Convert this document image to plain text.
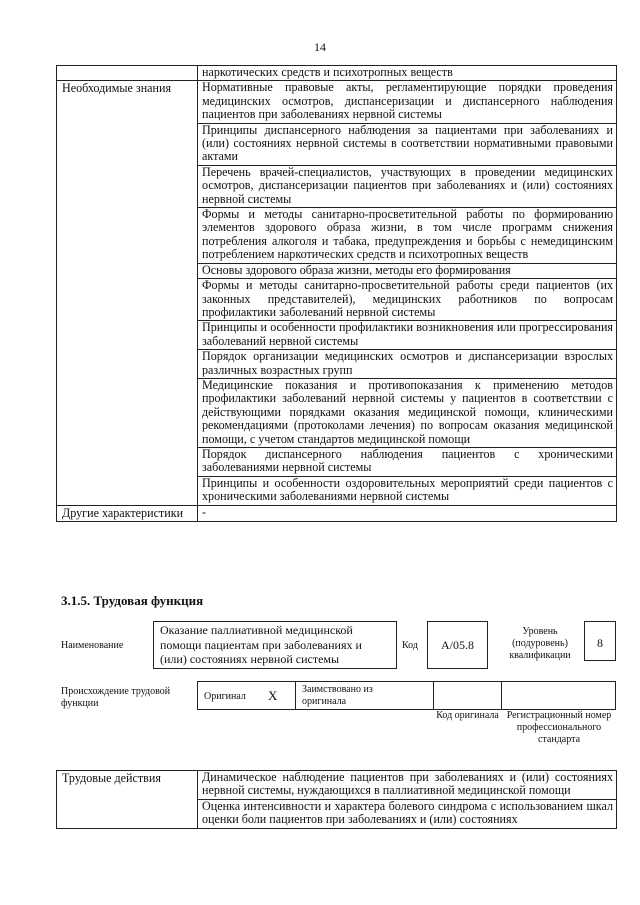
14
	наркотических средств и психотропных веществ
Необходимые знания	Нормативные правовые акты, регламентирующие порядки проведения медицинских осмотров, диспансеризации и диспансерного наблюдения пациентов при заболеваниях нервной системы
	Принципы диспансерного наблюдения за пациентами при заболеваниях и (или) состояниях нервной системы в соответствии нормативными правовыми актами
	Перечень врачей-специалистов, участвующих в проведении медицинских осмотров, диспансеризации пациентов при заболеваниях и (или) состояниях нервной системы
	Формы и методы санитарно-просветительной работы по формированию элементов здорового образа жизни, в том числе программ снижения потребления алкоголя и табака, предупреждения и борьбы с немедицинским потреблением наркотических средств и психотропных веществ
	Основы здорового образа жизни, методы его формирования
	Формы и методы санитарно-просветительной работы среди пациентов (их законных представителей), медицинских работников по вопросам профилактики заболеваний нервной системы
	Принципы и особенности профилактики возникновения или прогрессирования заболеваний нервной системы
	Порядок организации медицинских осмотров и диспансеризации взрослых различных возрастных групп
	Медицинские показания и противопоказания к применению методов профилактики заболеваний нервной системы у пациентов в соответствии с действующими порядками оказания медицинской помощи, клиническими рекомендациями (протоколами лечения) по вопросам оказания медицинской помощи, с учетом стандартов медицинской помощи
	Порядок диспансерного наблюдения пациентов с хроническими заболеваниями нервной системы
	Принципы и особенности оздоровительных мероприятий среди пациентов с хроническими заболеваниями нервной системы
Другие характеристики	-
3.1.5. Трудовая функция
Наименование
Оказание паллиативной медицинской помощи пациентам при заболеваниях и (или) состояниях нервной системы
Код	A/05.8
Уровень (подуровень) квалификации
8
Происхождение трудовой функции
Оригинал X Заимствовано из оригинала
Код оригинала Регистрационный номер профессионального стандарта
Трудовые действия	Динамическое наблюдение пациентов при заболеваниях и (или) состояниях нервной системы, нуждающихся в паллиативной медицинской помощи
Оценка интенсивности и характера болевого синдрома с использованием шкал оценки боли пациентов при заболеваниях и (или) состояниях
